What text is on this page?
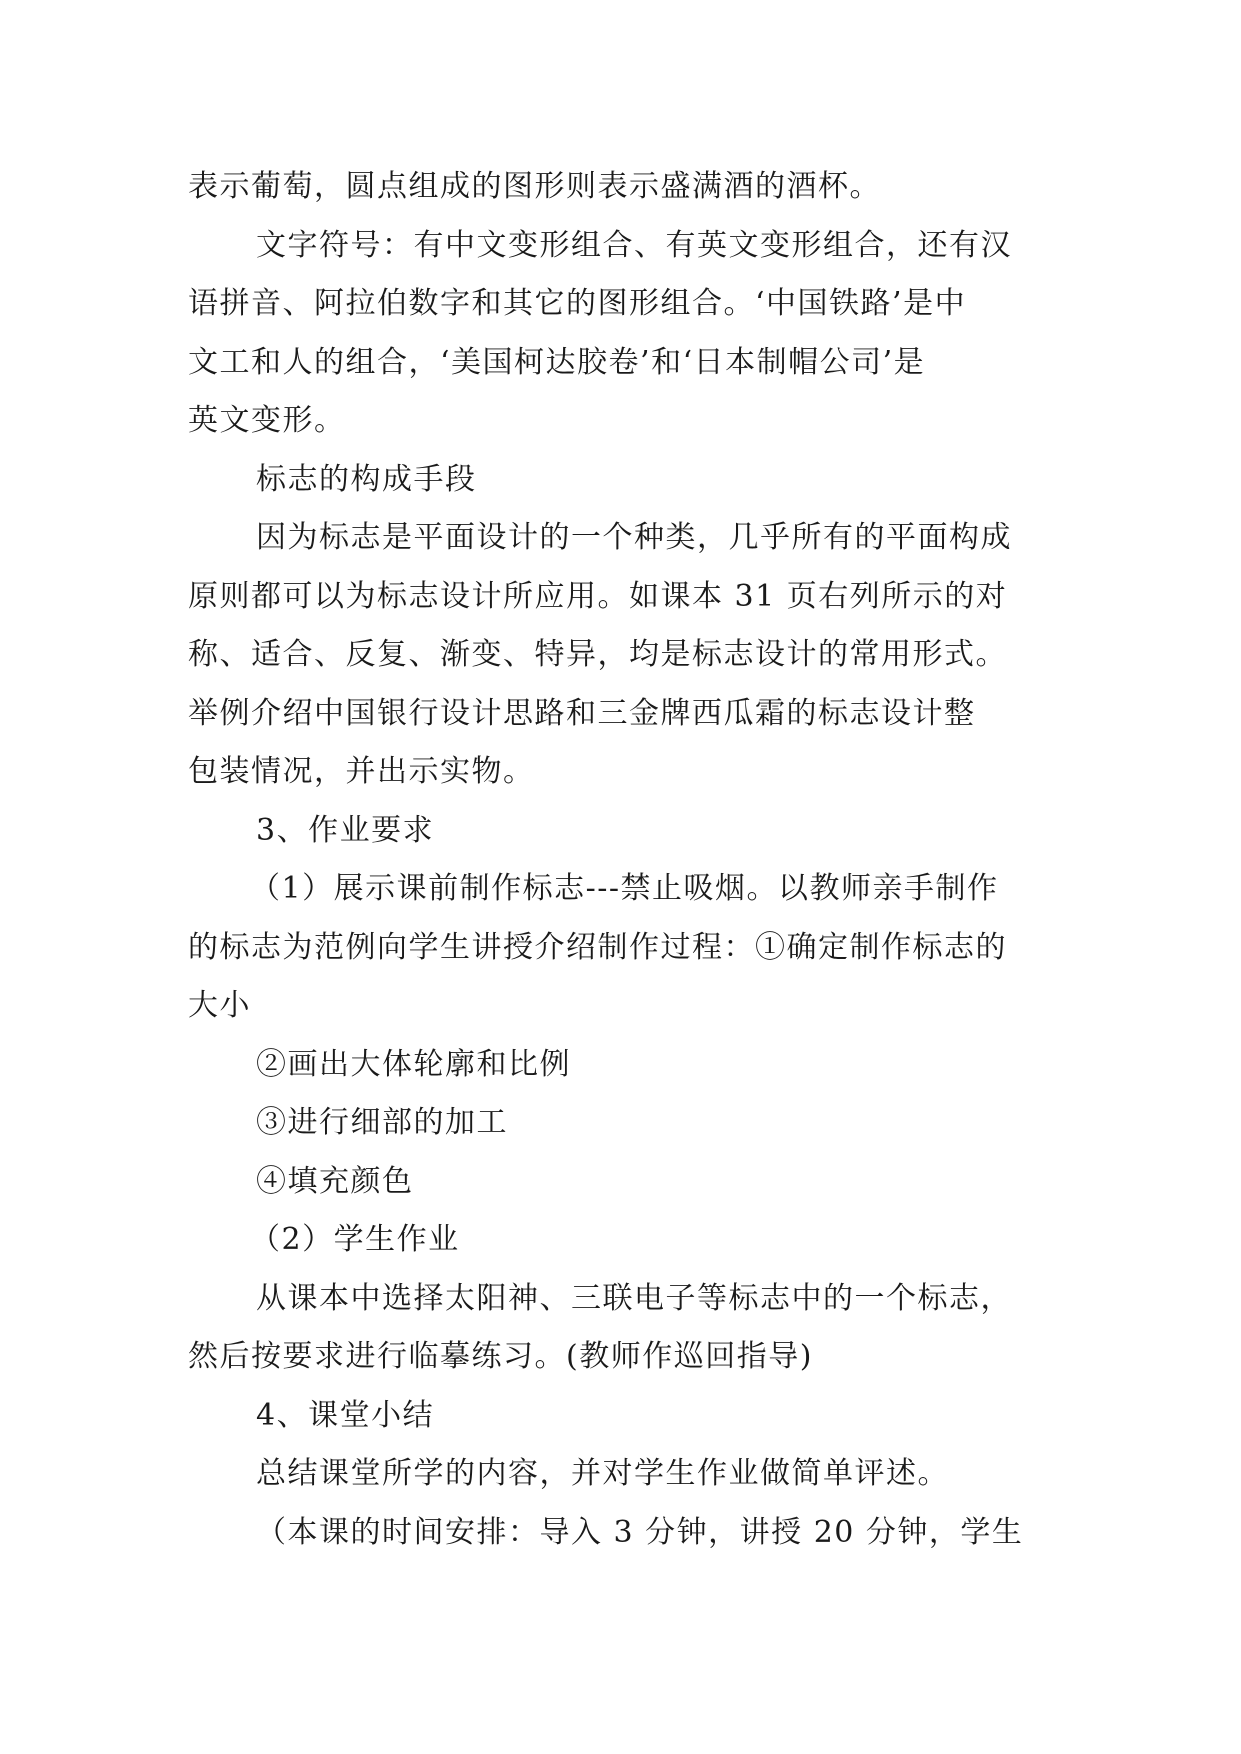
表示葡萄，圆点组成的图形则表示盛满酒的酒杯。
文字符号：有中文变形组合、有英文变形组合，还有汉
语拼音、阿拉伯数字和其它的图形组合。‘中国铁路’是中
文工和人的组合，‘美国柯达胶卷’和‘日本制帽公司’是
英文变形。
标志的构成手段
因为标志是平面设计的一个种类，几乎所有的平面构成
原则都可以为标志设计所应用。如课本 31 页右列所示的对
称、适合、反复、渐变、特异，均是标志设计的常用形式。
举例介绍中国银行设计思路和三金牌西瓜霜的标志设计整
包装情况，并出示实物。
3、作业要求
（1）展示课前制作标志---禁止吸烟。以教师亲手制作
的标志为范例向学生讲授介绍制作过程：①确定制作标志的
大小
②画出大体轮廓和比例
③进行细部的加工
④填充颜色
（2）学生作业
从课本中选择太阳神、三联电子等标志中的一个标志，
然后按要求进行临摹练习。(教师作巡回指导)
4、课堂小结
总结课堂所学的内容，并对学生作业做简单评述。
（本课的时间安排：导入 3 分钟，讲授 20 分钟，学生
